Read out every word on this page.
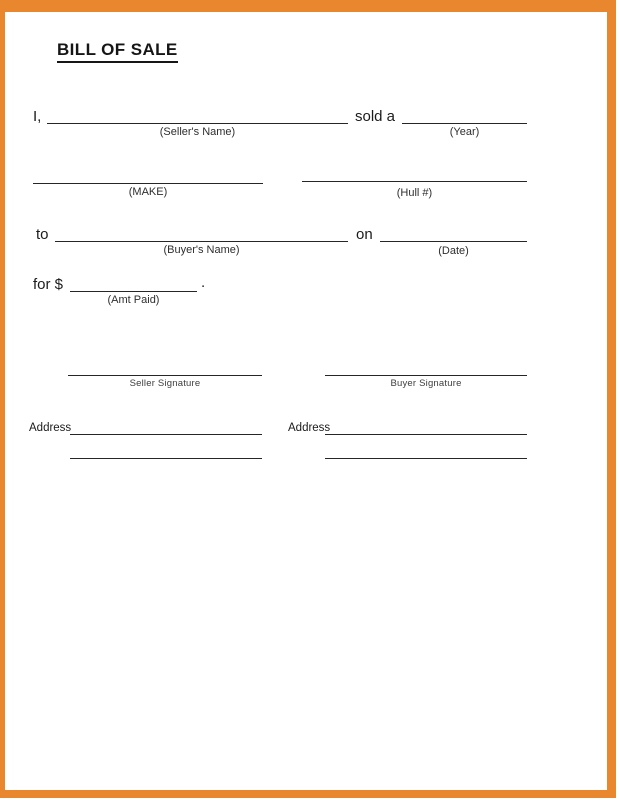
BILL OF SALE
I,
(Seller's Name)
sold a
(Year)
(MAKE)	(Hull #)
to
(Buyer's Name)
on
(Date)
for $	.
(Amt Paid)
Seller Signature	Buyer Signature
Address	Address
